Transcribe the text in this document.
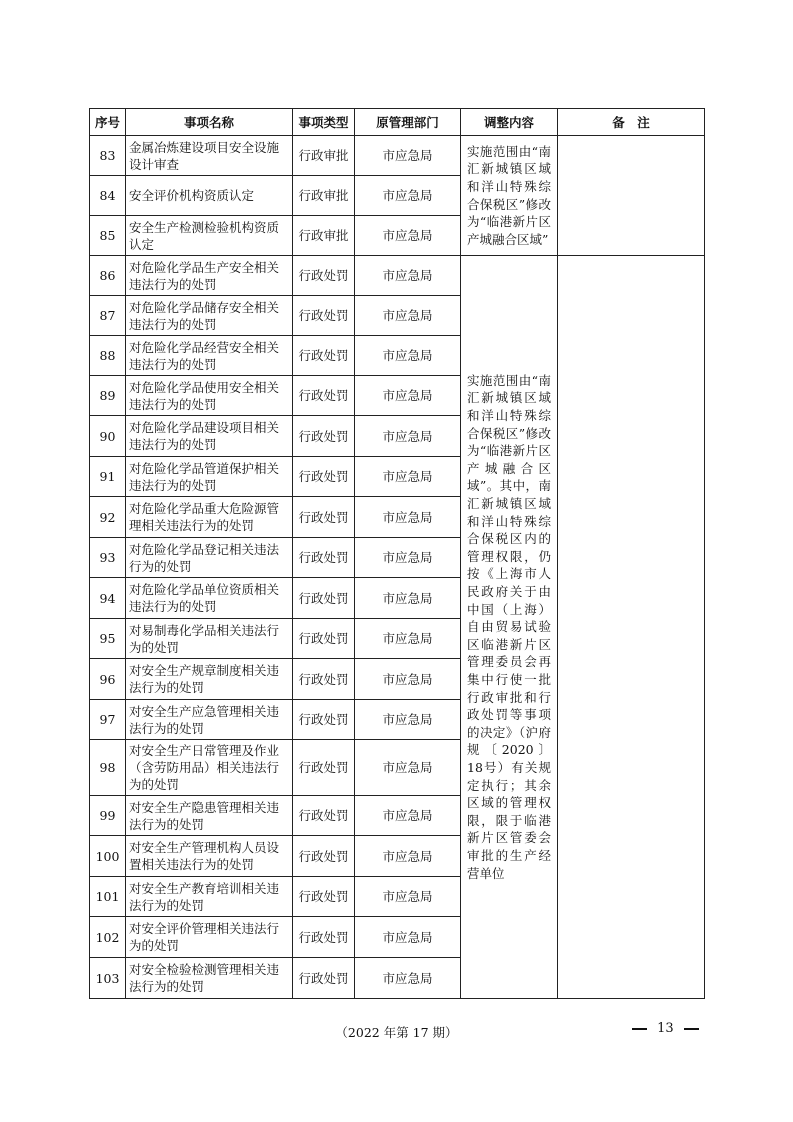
序号	事项名称	事项类型	原管理部门	调整内容	备　注
83	金属冶炼建设项目安全设施设计审查	行政审批	市应急局	实施范围由“南汇新城镇区域和洋山特殊综合保税区”修改为“临港新片区产城融合区域”	
84	安全评价机构资质认定	行政审批	市应急局		
85	安全生产检测检验机构资质认定	行政审批	市应急局		
86	对危险化学品生产安全相关违法行为的处罚	行政处罚	市应急局	实施范围由“南汇新城镇区域和洋山特殊综合保税区”修改为“临港新片区产城融合区域”。其中，南汇新城镇区域和洋山特殊综合保税区内的管理权限，仍按《上海市人民政府关于由中国（上海）自由贸易试验区临港新片区管理委员会再集中行使一批行政审批和行政处罚等事项的决定》（沪府规〔2020〕18号）有关规定执行；其余区域的管理权限，限于临港新片区管委会审批的生产经营单位	
87	对危险化学品储存安全相关违法行为的处罚	行政处罚	市应急局		
88	对危险化学品经营安全相关违法行为的处罚	行政处罚	市应急局		
89	对危险化学品使用安全相关违法行为的处罚	行政处罚	市应急局		
90	对危险化学品建设项目相关违法行为的处罚	行政处罚	市应急局		
91	对危险化学品管道保护相关违法行为的处罚	行政处罚	市应急局		
92	对危险化学品重大危险源管理相关违法行为的处罚	行政处罚	市应急局		
93	对危险化学品登记相关违法行为的处罚	行政处罚	市应急局		
94	对危险化学品单位资质相关违法行为的处罚	行政处罚	市应急局		
95	对易制毒化学品相关违法行为的处罚	行政处罚	市应急局		
96	对安全生产规章制度相关违法行为的处罚	行政处罚	市应急局		
97	对安全生产应急管理相关违法行为的处罚	行政处罚	市应急局		
98	对安全生产日常管理及作业（含劳防用品）相关违法行为的处罚	行政处罚	市应急局		
99	对安全生产隐患管理相关违法行为的处罚	行政处罚	市应急局		
100	对安全生产管理机构人员设置相关违法行为的处罚	行政处罚	市应急局		
101	对安全生产教育培训相关违法行为的处罚	行政处罚	市应急局		
102	对安全评价管理相关违法行为的处罚	行政处罚	市应急局		
103	对安全检验检测管理相关违法行为的处罚	行政处罚	市应急局		
（2022 年第 17 期）	13
